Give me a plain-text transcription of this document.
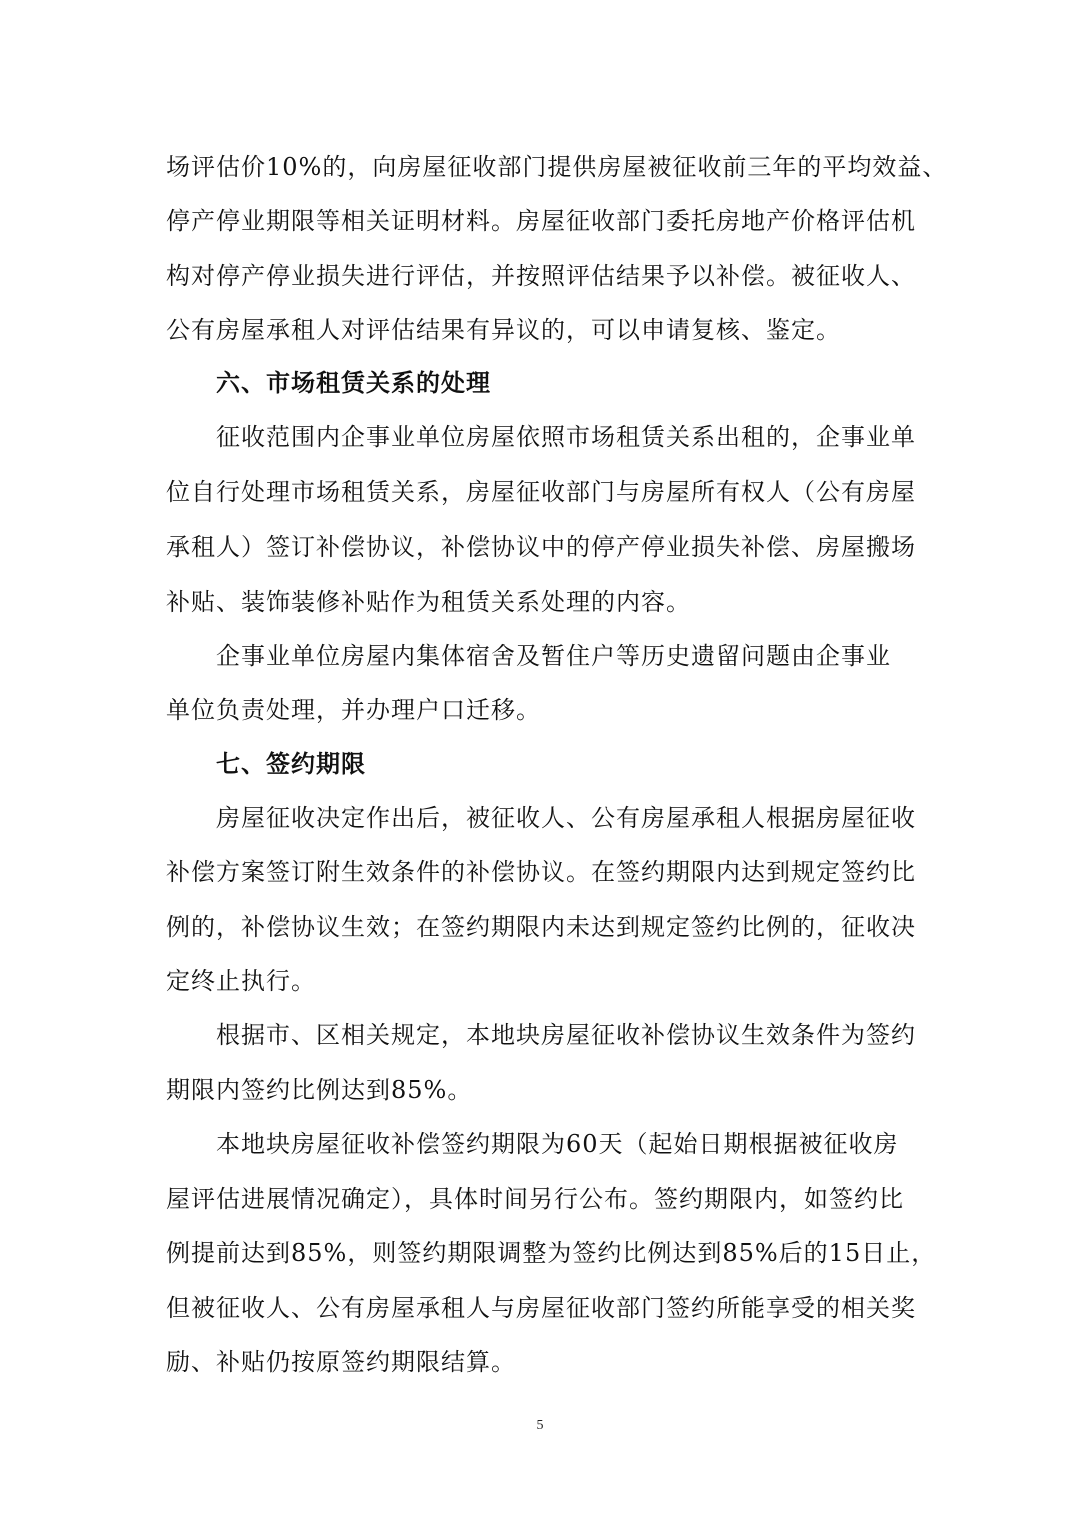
场评估价10%的，向房屋征收部门提供房屋被征收前三年的平均效益、
停产停业期限等相关证明材料。房屋征收部门委托房地产价格评估机
构对停产停业损失进行评估，并按照评估结果予以补偿。被征收人、
公有房屋承租人对评估结果有异议的，可以申请复核、鉴定。
六、市场租赁关系的处理
征收范围内企事业单位房屋依照市场租赁关系出租的，企事业单
位自行处理市场租赁关系，房屋征收部门与房屋所有权人（公有房屋
承租人）签订补偿协议，补偿协议中的停产停业损失补偿、房屋搬场
补贴、装饰装修补贴作为租赁关系处理的内容。
企事业单位房屋内集体宿舍及暂住户等历史遗留问题由企事业
单位负责处理，并办理户口迁移。
七、签约期限
房屋征收决定作出后，被征收人、公有房屋承租人根据房屋征收
补偿方案签订附生效条件的补偿协议。在签约期限内达到规定签约比
例的，补偿协议生效；在签约期限内未达到规定签约比例的，征收决
定终止执行。
根据市、区相关规定，本地块房屋征收补偿协议生效条件为签约
期限内签约比例达到85%。
本地块房屋征收补偿签约期限为60天（起始日期根据被征收房
屋评估进展情况确定），具体时间另行公布。签约期限内，如签约比
例提前达到85%，则签约期限调整为签约比例达到85%后的15日止，
但被征收人、公有房屋承租人与房屋征收部门签约所能享受的相关奖
励、补贴仍按原签约期限结算。
5
